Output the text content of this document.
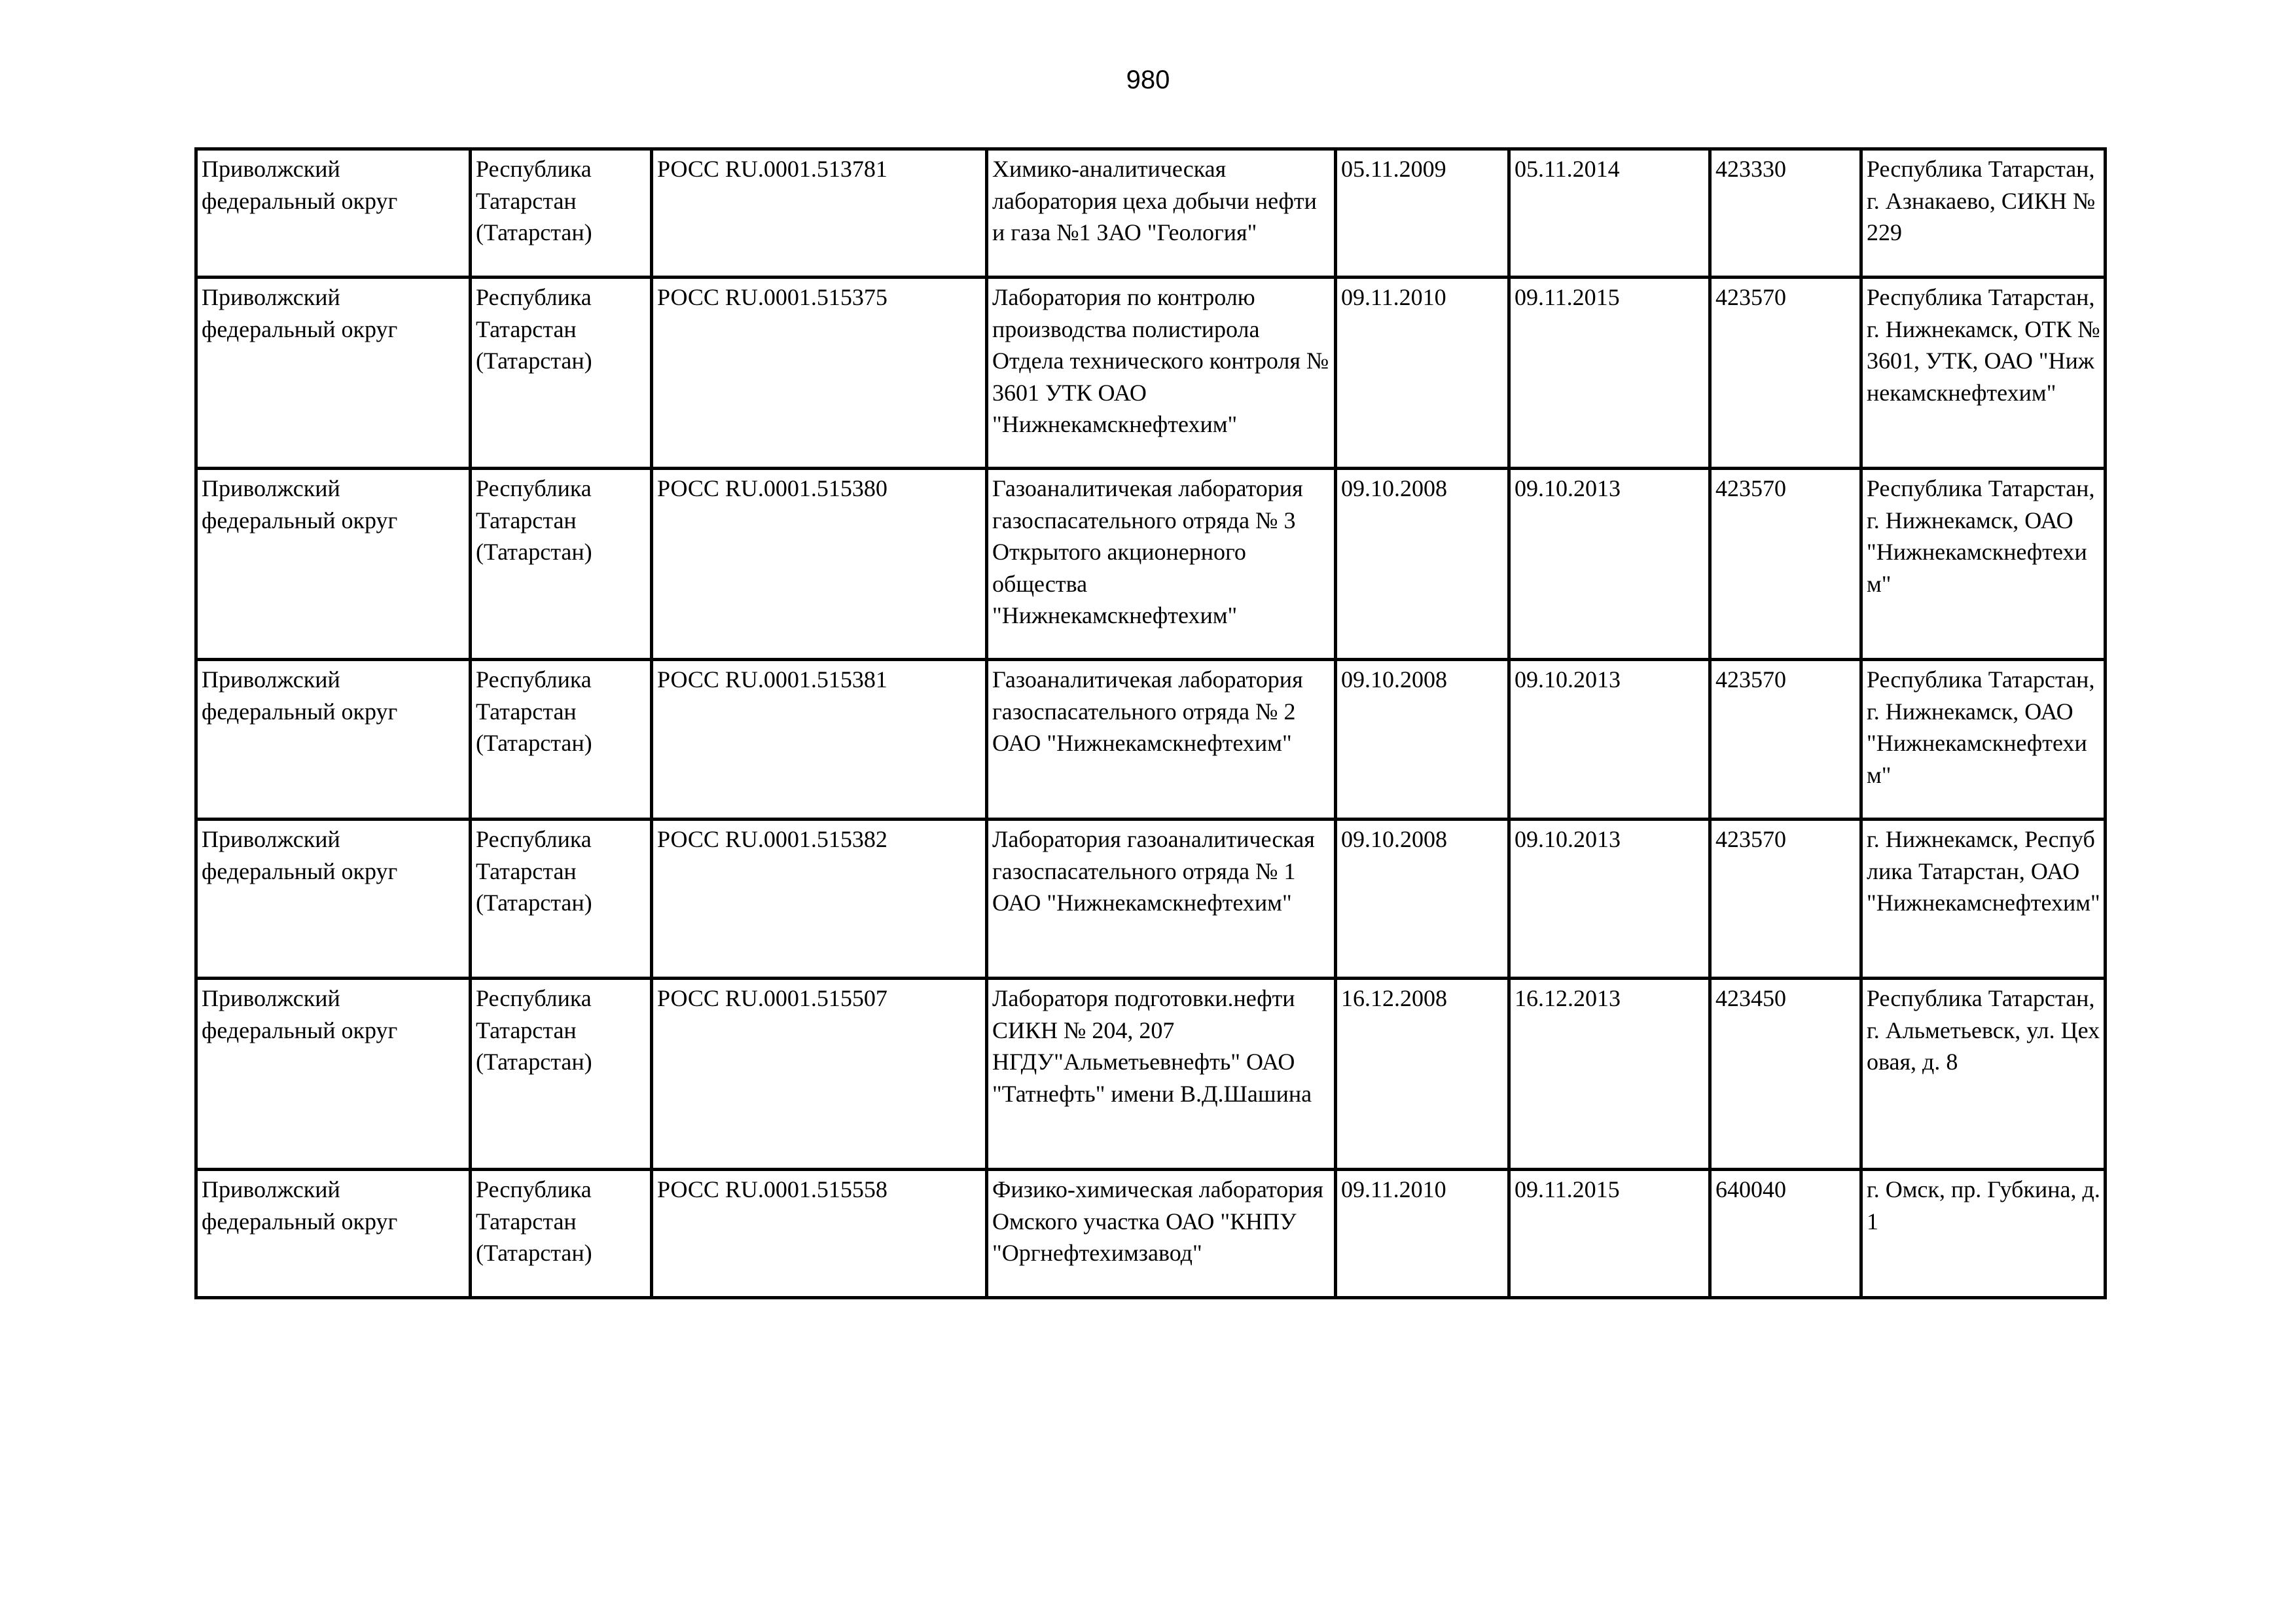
980
Приволжский федеральный округ	Республика Татарстан (Татарстан)	РОСС RU.0001.513781	Химико-аналитическая лаборатория цеха добычи нефти и газа №1 ЗАО "Геология"	05.11.2009	05.11.2014	423330	Республика Татарстан, г. Азнакаево, СИКН № 229
Приволжский федеральный округ	Республика Татарстан (Татарстан)	РОСС RU.0001.515375	Лаборатория по контролю производства полистирола Отдела технического контроля № 3601 УТК ОАО "Нижнекамскнефтехим"	09.11.2010	09.11.2015	423570	Республика Татарстан, г. Нижнекамск, ОТК № 3601, УТК, ОАО "Нижнекамскнефтехим"
Приволжский федеральный округ	Республика Татарстан (Татарстан)	РОСС RU.0001.515380	Газоаналитичекая лаборатория газоспасательного отряда № 3 Открытого акционерного общества "Нижнекамскнефтехим"	09.10.2008	09.10.2013	423570	Республика Татарстан, г. Нижнекамск, ОАО "Нижнекамскнефтехим"
Приволжский федеральный округ	Республика Татарстан (Татарстан)	РОСС RU.0001.515381	Газоаналитичекая лаборатория газоспасательного отряда № 2 ОАО "Нижнекамскнефтехим"	09.10.2008	09.10.2013	423570	Республика Татарстан, г. Нижнекамск, ОАО "Нижнекамскнефтехим"
Приволжский федеральный округ	Республика Татарстан (Татарстан)	РОСС RU.0001.515382	Лаборатория газоаналитическая газоспасательного отряда № 1 ОАО "Нижнекамскнефтехим"	09.10.2008	09.10.2013	423570	г. Нижнекамск, Республика Татарстан, ОАО "Нижнекамснефтехим"
Приволжский федеральный округ	Республика Татарстан (Татарстан)	РОСС RU.0001.515507	Лабораторя подготовки.нефти СИКН № 204, 207 НГДУ"Альметьевнефть" ОАО "Татнефть" имени В.Д.Шашина	16.12.2008	16.12.2013	423450	Республика Татарстан, г. Альметьевск, ул. Цеховая, д. 8
Приволжский федеральный округ	Республика Татарстан (Татарстан)	РОСС RU.0001.515558	Физико-химическая лаборатория Омского участка ОАО "КНПУ "Оргнефтехимзавод"	09.11.2010	09.11.2015	640040	г. Омск, пр. Губкина, д. 1
